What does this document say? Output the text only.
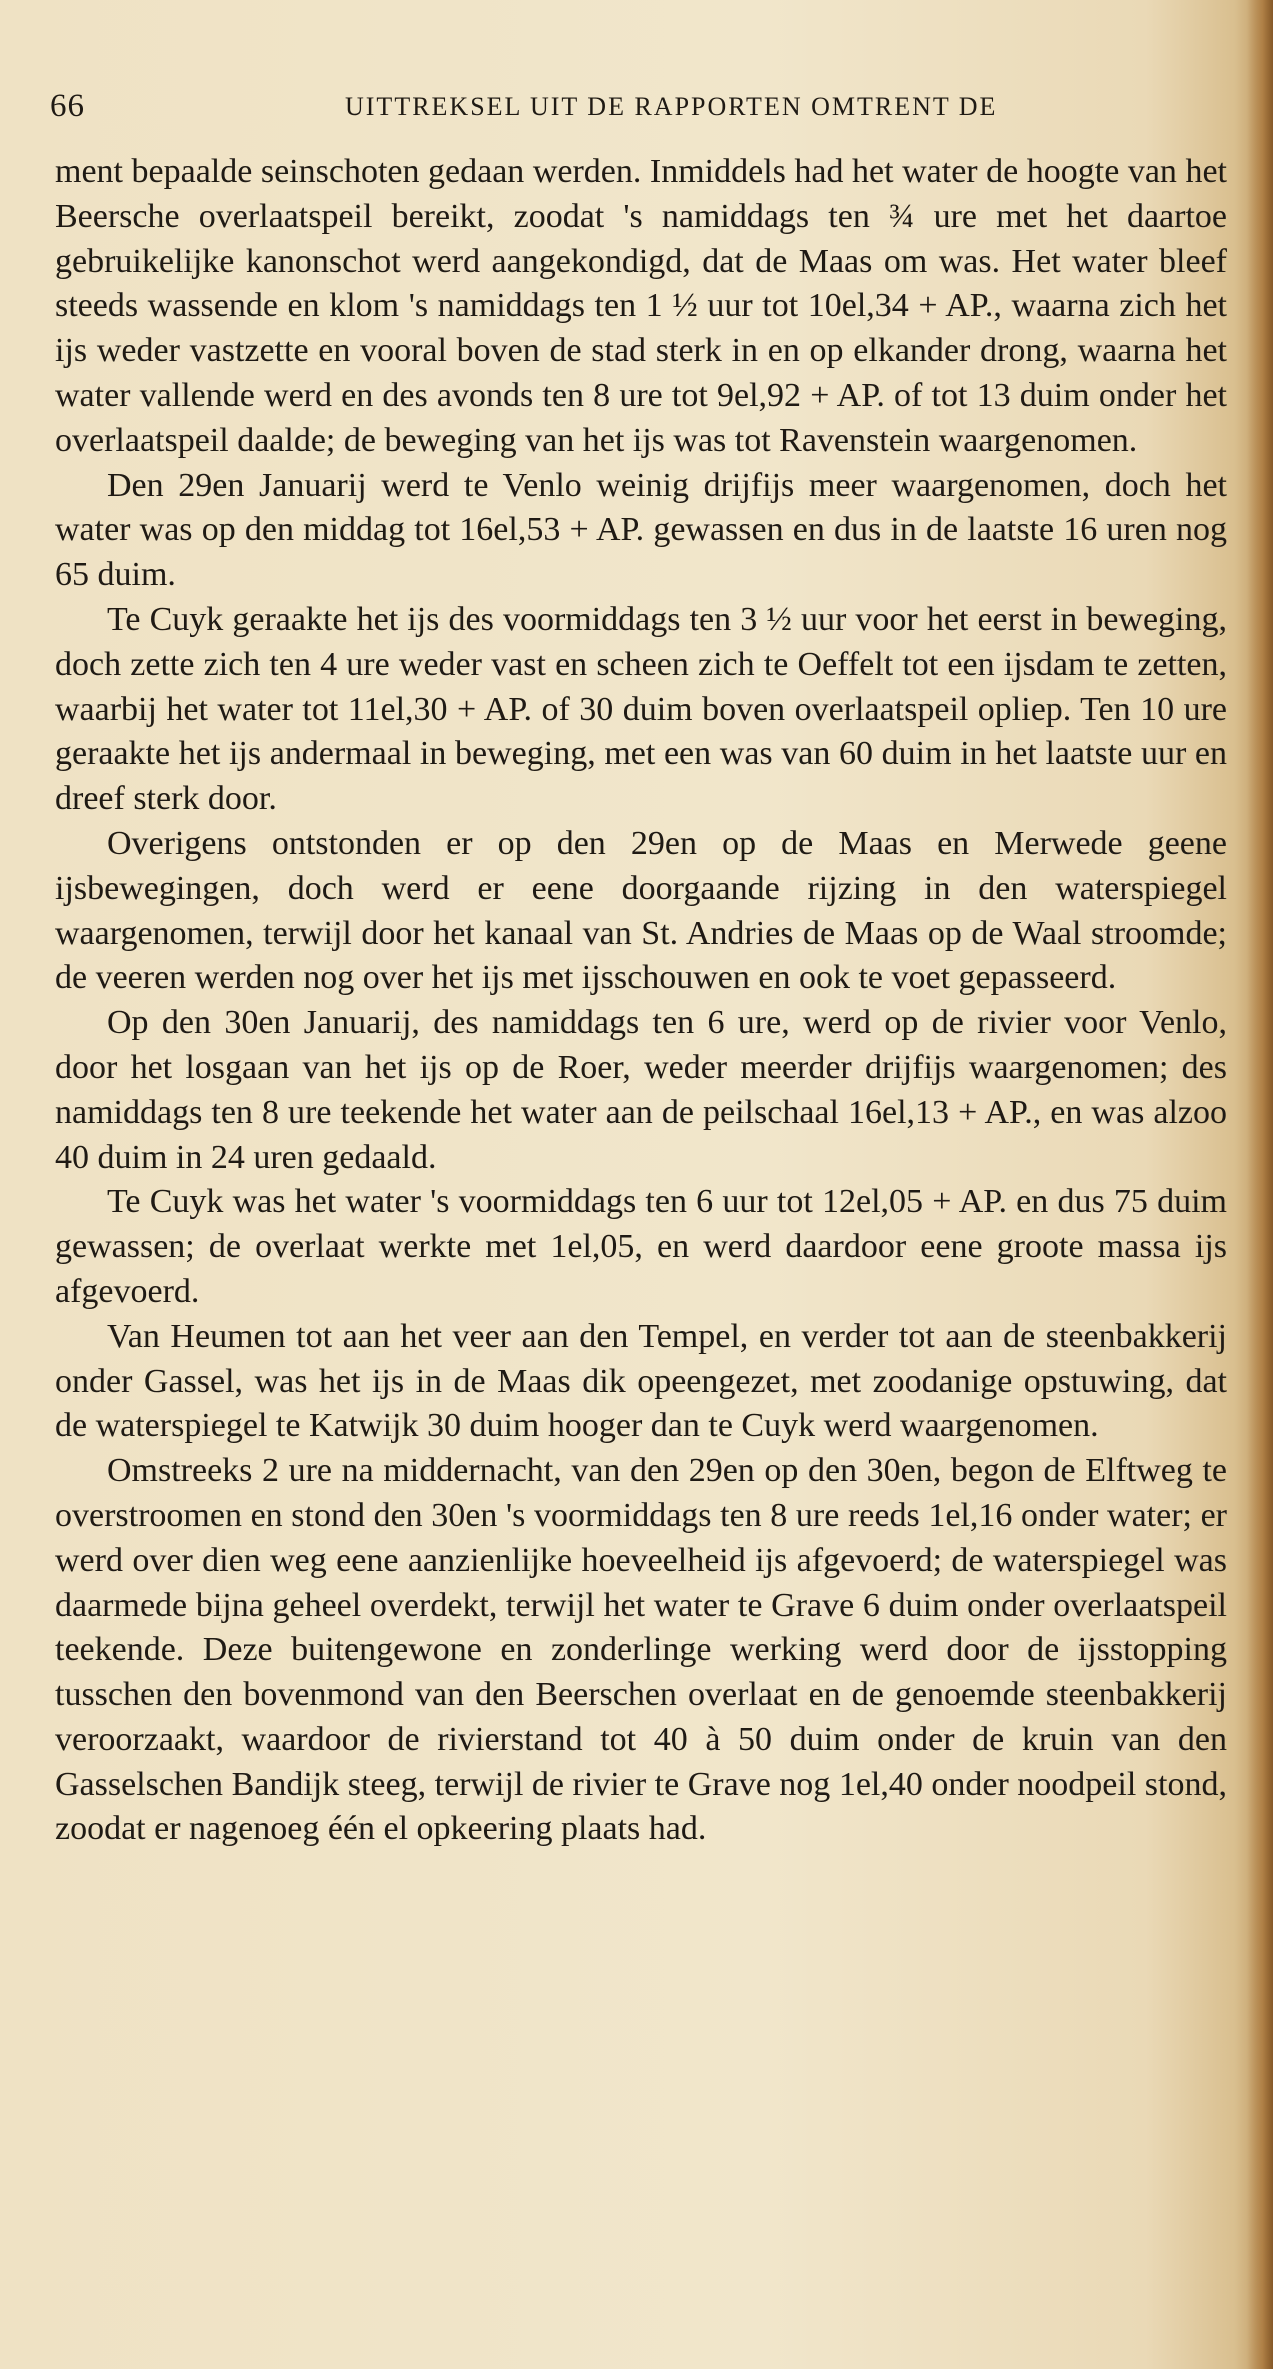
66	UITTREKSEL UIT DE RAPPORTEN OMTRENT DE

ment bepaalde seinschoten gedaan werden. Inmiddels had het water de hoogte van het Beersche overlaatspeil bereikt, zoodat 's namiddags ten ¾ ure met het daartoe gebruikelijke kanonschot werd aangekondigd, dat de Maas om was. Het water bleef steeds wassende en klom 's namiddags ten 1 ½ uur tot 10el,34 + AP., waarna zich het ijs weder vastzette en vooral boven de stad sterk in en op elkander drong, waarna het water vallende werd en des avonds ten 8 ure tot 9el,92 + AP. of tot 13 duim onder het overlaatspeil daalde; de beweging van het ijs was tot Ravenstein waargenomen.

Den 29en Januarij werd te Venlo weinig drijfijs meer waargenomen, doch het water was op den middag tot 16el,53 + AP. gewassen en dus in de laatste 16 uren nog 65 duim.

Te Cuyk geraakte het ijs des voormiddags ten 3 ½ uur voor het eerst in beweging, doch zette zich ten 4 ure weder vast en scheen zich te Oeffelt tot een ijsdam te zetten, waarbij het water tot 11el,30 + AP. of 30 duim boven overlaatspeil opliep. Ten 10 ure geraakte het ijs andermaal in beweging, met een was van 60 duim in het laatste uur en dreef sterk door.

Overigens ontstonden er op den 29en op de Maas en Merwede geene ijsbewegingen, doch werd er eene doorgaande rijzing in den waterspiegel waargenomen, terwijl door het kanaal van St. Andries de Maas op de Waal stroomde; de veeren werden nog over het ijs met ijsschouwen en ook te voet gepasseerd.

Op den 30en Januarij, des namiddags ten 6 ure, werd op de rivier voor Venlo, door het losgaan van het ijs op de Roer, weder meerder drijfijs waargenomen; des namiddags ten 8 ure teekende het water aan de peilschaal 16el,13 + AP., en was alzoo 40 duim in 24 uren gedaald.

Te Cuyk was het water 's voormiddags ten 6 uur tot 12el,05 + AP. en dus 75 duim gewassen; de overlaat werkte met 1el,05, en werd daardoor eene groote massa ijs afgevoerd.

Van Heumen tot aan het veer aan den Tempel, en verder tot aan de steenbakkerij onder Gassel, was het ijs in de Maas dik opeengezet, met zoodanige opstuwing, dat de waterspiegel te Katwijk 30 duim hooger dan te Cuyk werd waargenomen.

Omstreeks 2 ure na middernacht, van den 29en op den 30en, begon de Elftweg te overstroomen en stond den 30en 's voormiddags ten 8 ure reeds 1el,16 onder water; er werd over dien weg eene aanzienlijke hoeveelheid ijs afgevoerd; de waterspiegel was daarmede bijna geheel overdekt, terwijl het water te Grave 6 duim onder overlaatspeil teekende. Deze buitengewone en zonderlinge werking werd door de ijsstopping tusschen den bovenmond van den Beerschen overlaat en de genoemde steenbakkerij veroorzaakt, waardoor de rivierstand tot 40 à 50 duim onder de kruin van den Gasselschen Bandijk steeg, terwijl de rivier te Grave nog 1el,40 onder noodpeil stond, zoodat er nagenoeg één el opkeering plaats had.
